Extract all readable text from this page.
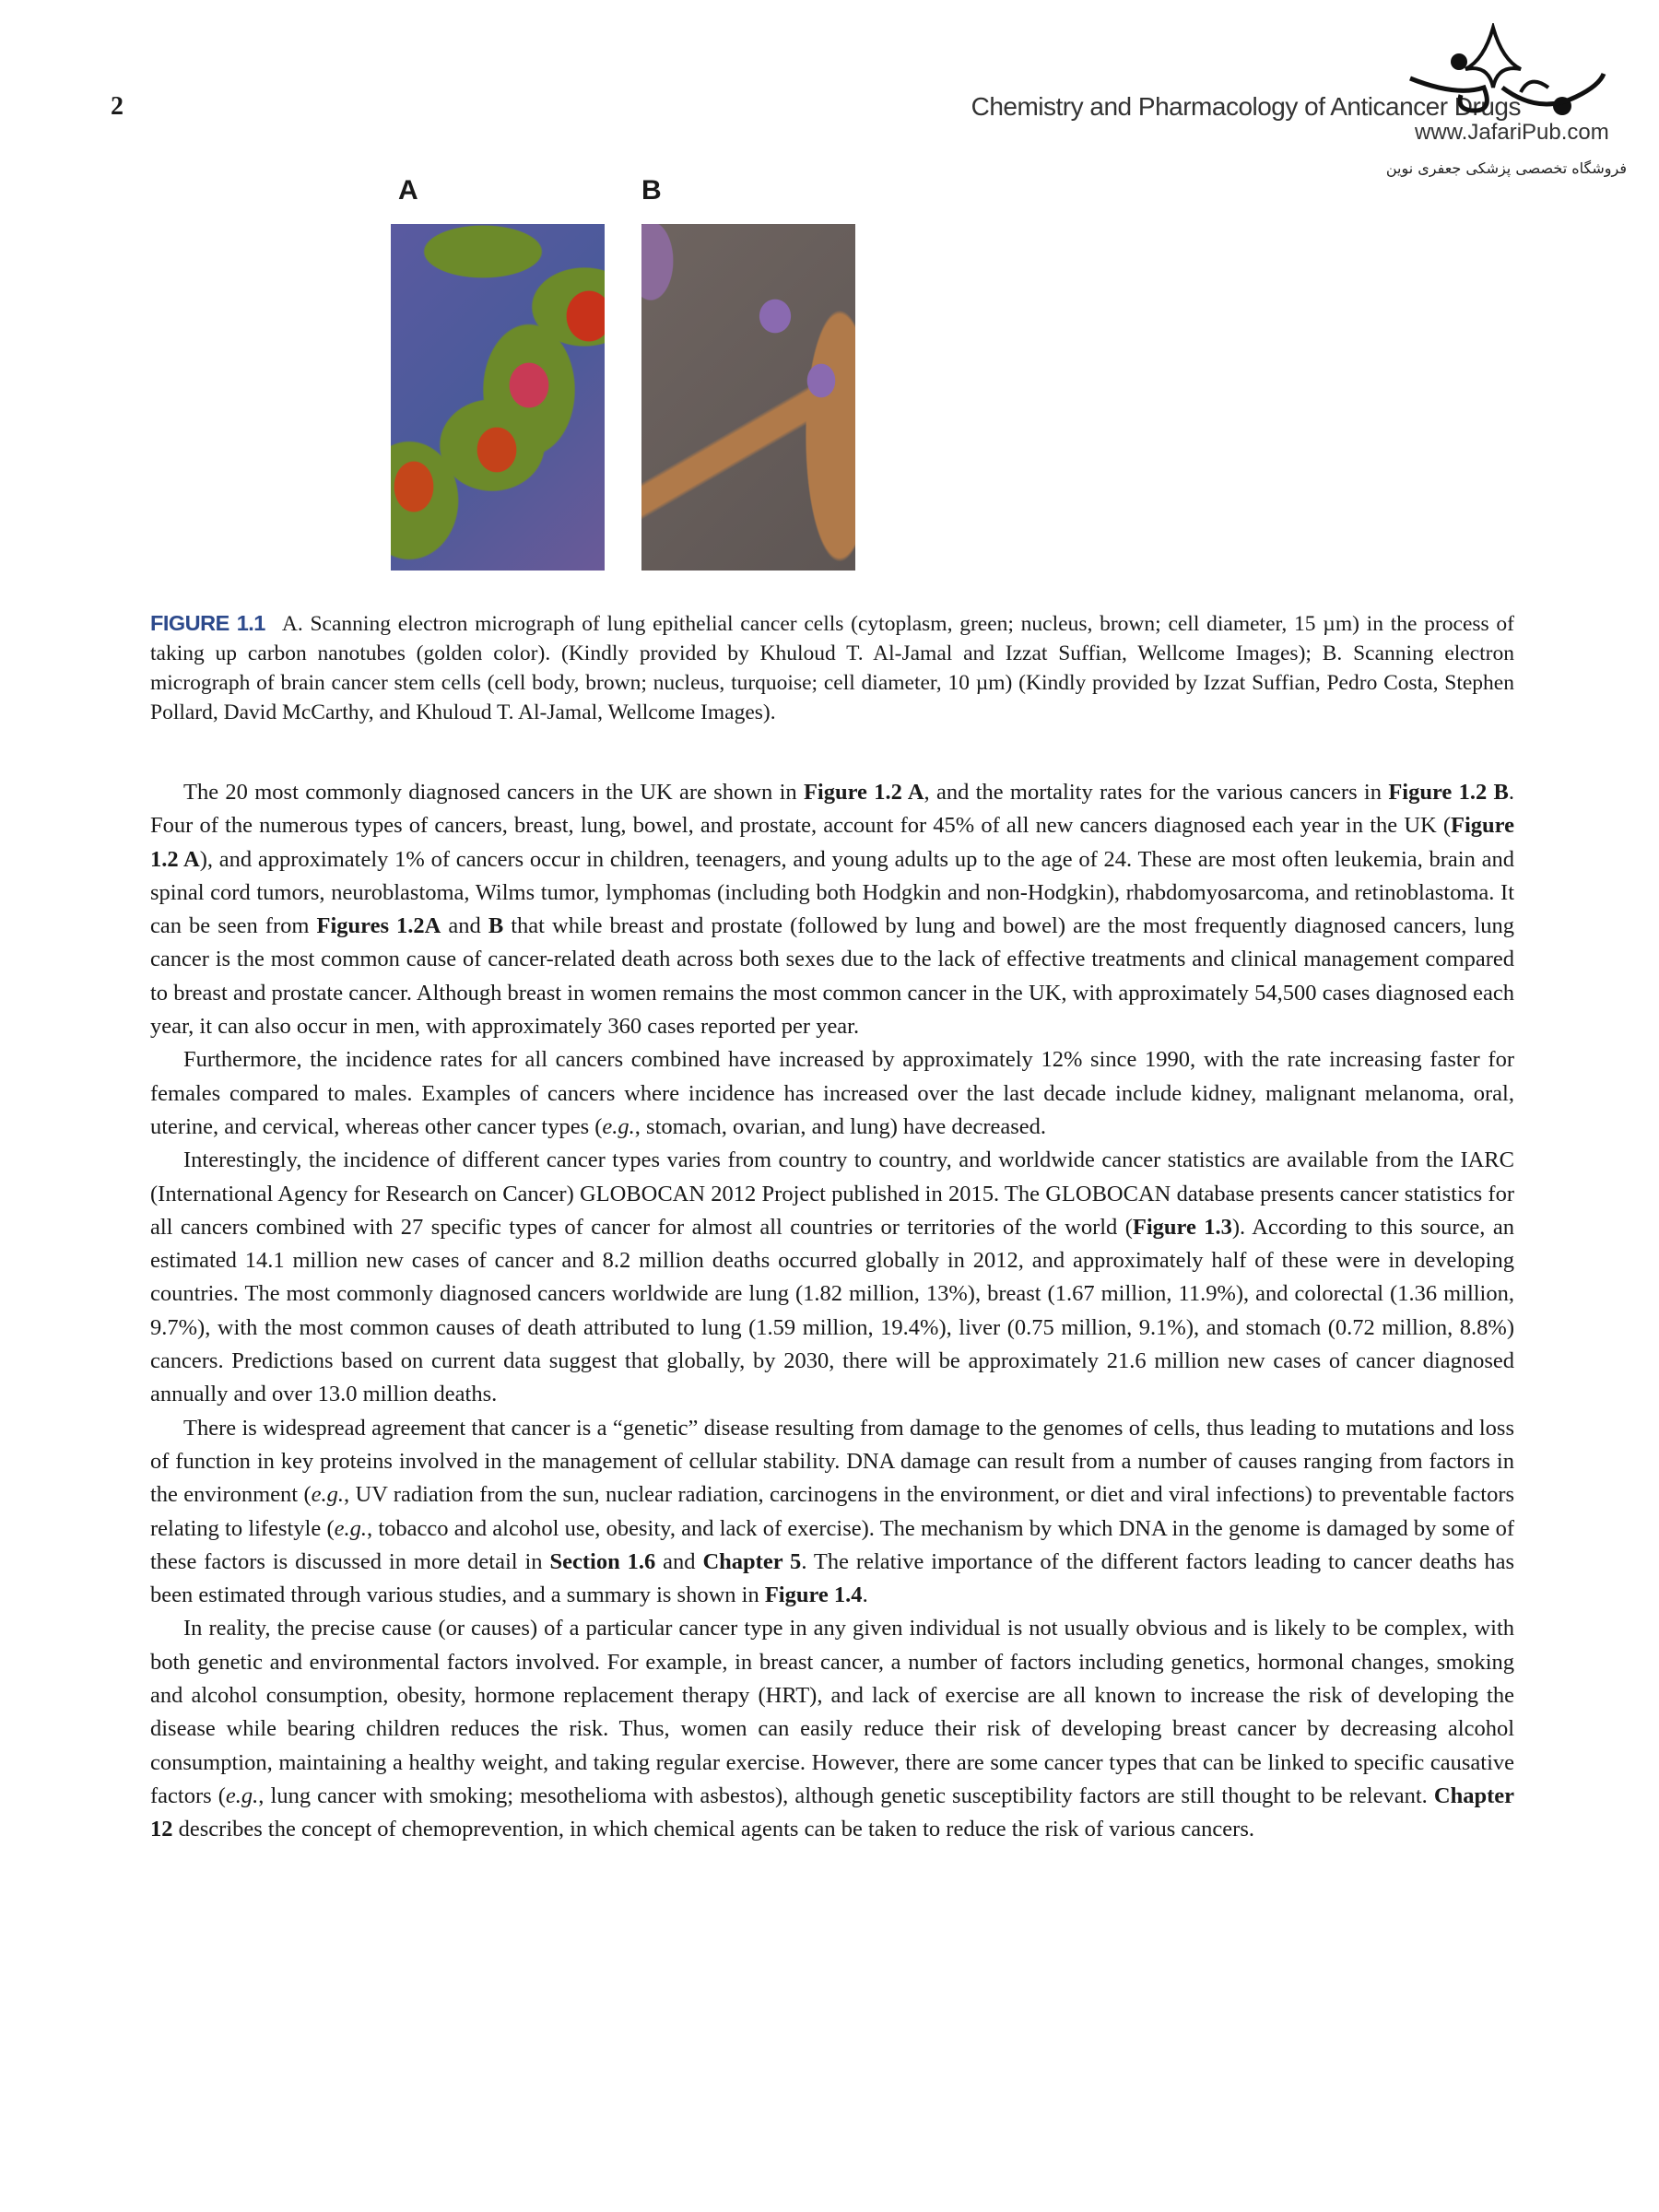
2	Chemistry and Pharmacology of Anticancer Drugs
www.JafariPub.com
فروشگاه تخصصی پزشکی جعفری نوین
A	B
FIGURE 1.1 A. Scanning electron micrograph of lung epithelial cancer cells (cytoplasm, green; nucleus, brown; cell diameter, 15 µm) in the process of taking up carbon nanotubes (golden color). (Kindly provided by Khuloud T. Al-Jamal and Izzat Suffian, Wellcome Images); B. Scanning electron micrograph of brain cancer stem cells (cell body, brown; nucleus, turquoise; cell diameter, 10 µm) (Kindly provided by Izzat Suffian, Pedro Costa, Stephen Pollard, David McCarthy, and Khuloud T. Al-Jamal, Wellcome Images).

The 20 most commonly diagnosed cancers in the UK are shown in Figure 1.2 A, and the mortality rates for the various cancers in Figure 1.2 B. Four of the numerous types of cancers, breast, lung, bowel, and prostate, account for 45% of all new cancers diagnosed each year in the UK (Figure 1.2 A), and approximately 1% of cancers occur in children, teenagers, and young adults up to the age of 24. These are most often leukemia, brain and spinal cord tumors, neuroblastoma, Wilms tumor, lymphomas (including both Hodgkin and non-Hodgkin), rhabdomyosarcoma, and retinoblastoma. It can be seen from Figures 1.2A and B that while breast and prostate (followed by lung and bowel) are the most frequently diagnosed cancers, lung cancer is the most common cause of cancer-related death across both sexes due to the lack of effective treatments and clinical management compared to breast and prostate cancer. Although breast in women remains the most common cancer in the UK, with approximately 54,500 cases diagnosed each year, it can also occur in men, with approximately 360 cases reported per year.

Furthermore, the incidence rates for all cancers combined have increased by approximately 12% since 1990, with the rate increasing faster for females compared to males. Examples of cancers where incidence has increased over the last decade include kidney, malignant melanoma, oral, uterine, and cervical, whereas other cancer types (e.g., stomach, ovarian, and lung) have decreased.

Interestingly, the incidence of different cancer types varies from country to country, and worldwide cancer statistics are available from the IARC (International Agency for Research on Cancer) GLOBOCAN 2012 Project published in 2015. The GLOBOCAN database presents cancer statistics for all cancers combined with 27 specific types of cancer for almost all countries or territories of the world (Figure 1.3). According to this source, an estimated 14.1 million new cases of cancer and 8.2 million deaths occurred globally in 2012, and approximately half of these were in developing countries. The most commonly diagnosed cancers worldwide are lung (1.82 million, 13%), breast (1.67 million, 11.9%), and colorectal (1.36 million, 9.7%), with the most common causes of death attributed to lung (1.59 million, 19.4%), liver (0.75 million, 9.1%), and stomach (0.72 million, 8.8%) cancers. Predictions based on current data suggest that globally, by 2030, there will be approximately 21.6 million new cases of cancer diagnosed annually and over 13.0 million deaths.

There is widespread agreement that cancer is a “genetic” disease resulting from damage to the genomes of cells, thus leading to mutations and loss of function in key proteins involved in the management of cellular stability. DNA damage can result from a number of causes ranging from factors in the environment (e.g., UV radiation from the sun, nuclear radiation, carcinogens in the environment, or diet and viral infections) to preventable factors relating to lifestyle (e.g., tobacco and alcohol use, obesity, and lack of exercise). The mechanism by which DNA in the genome is damaged by some of these factors is discussed in more detail in Section 1.6 and Chapter 5. The relative importance of the different factors leading to cancer deaths has been estimated through various studies, and a summary is shown in Figure 1.4.

In reality, the precise cause (or causes) of a particular cancer type in any given individual is not usually obvious and is likely to be complex, with both genetic and environmental factors involved. For example, in breast cancer, a number of factors including genetics, hormonal changes, smoking and alcohol consumption, obesity, hormone replacement therapy (HRT), and lack of exercise are all known to increase the risk of developing the disease while bearing children reduces the risk. Thus, women can easily reduce their risk of developing breast cancer by decreasing alcohol consumption, maintaining a healthy weight, and taking regular exercise. However, there are some cancer types that can be linked to specific causative factors (e.g., lung cancer with smoking; mesothelioma with asbestos), although genetic susceptibility factors are still thought to be relevant. Chapter 12 describes the concept of chemoprevention, in which chemical agents can be taken to reduce the risk of various cancers.
